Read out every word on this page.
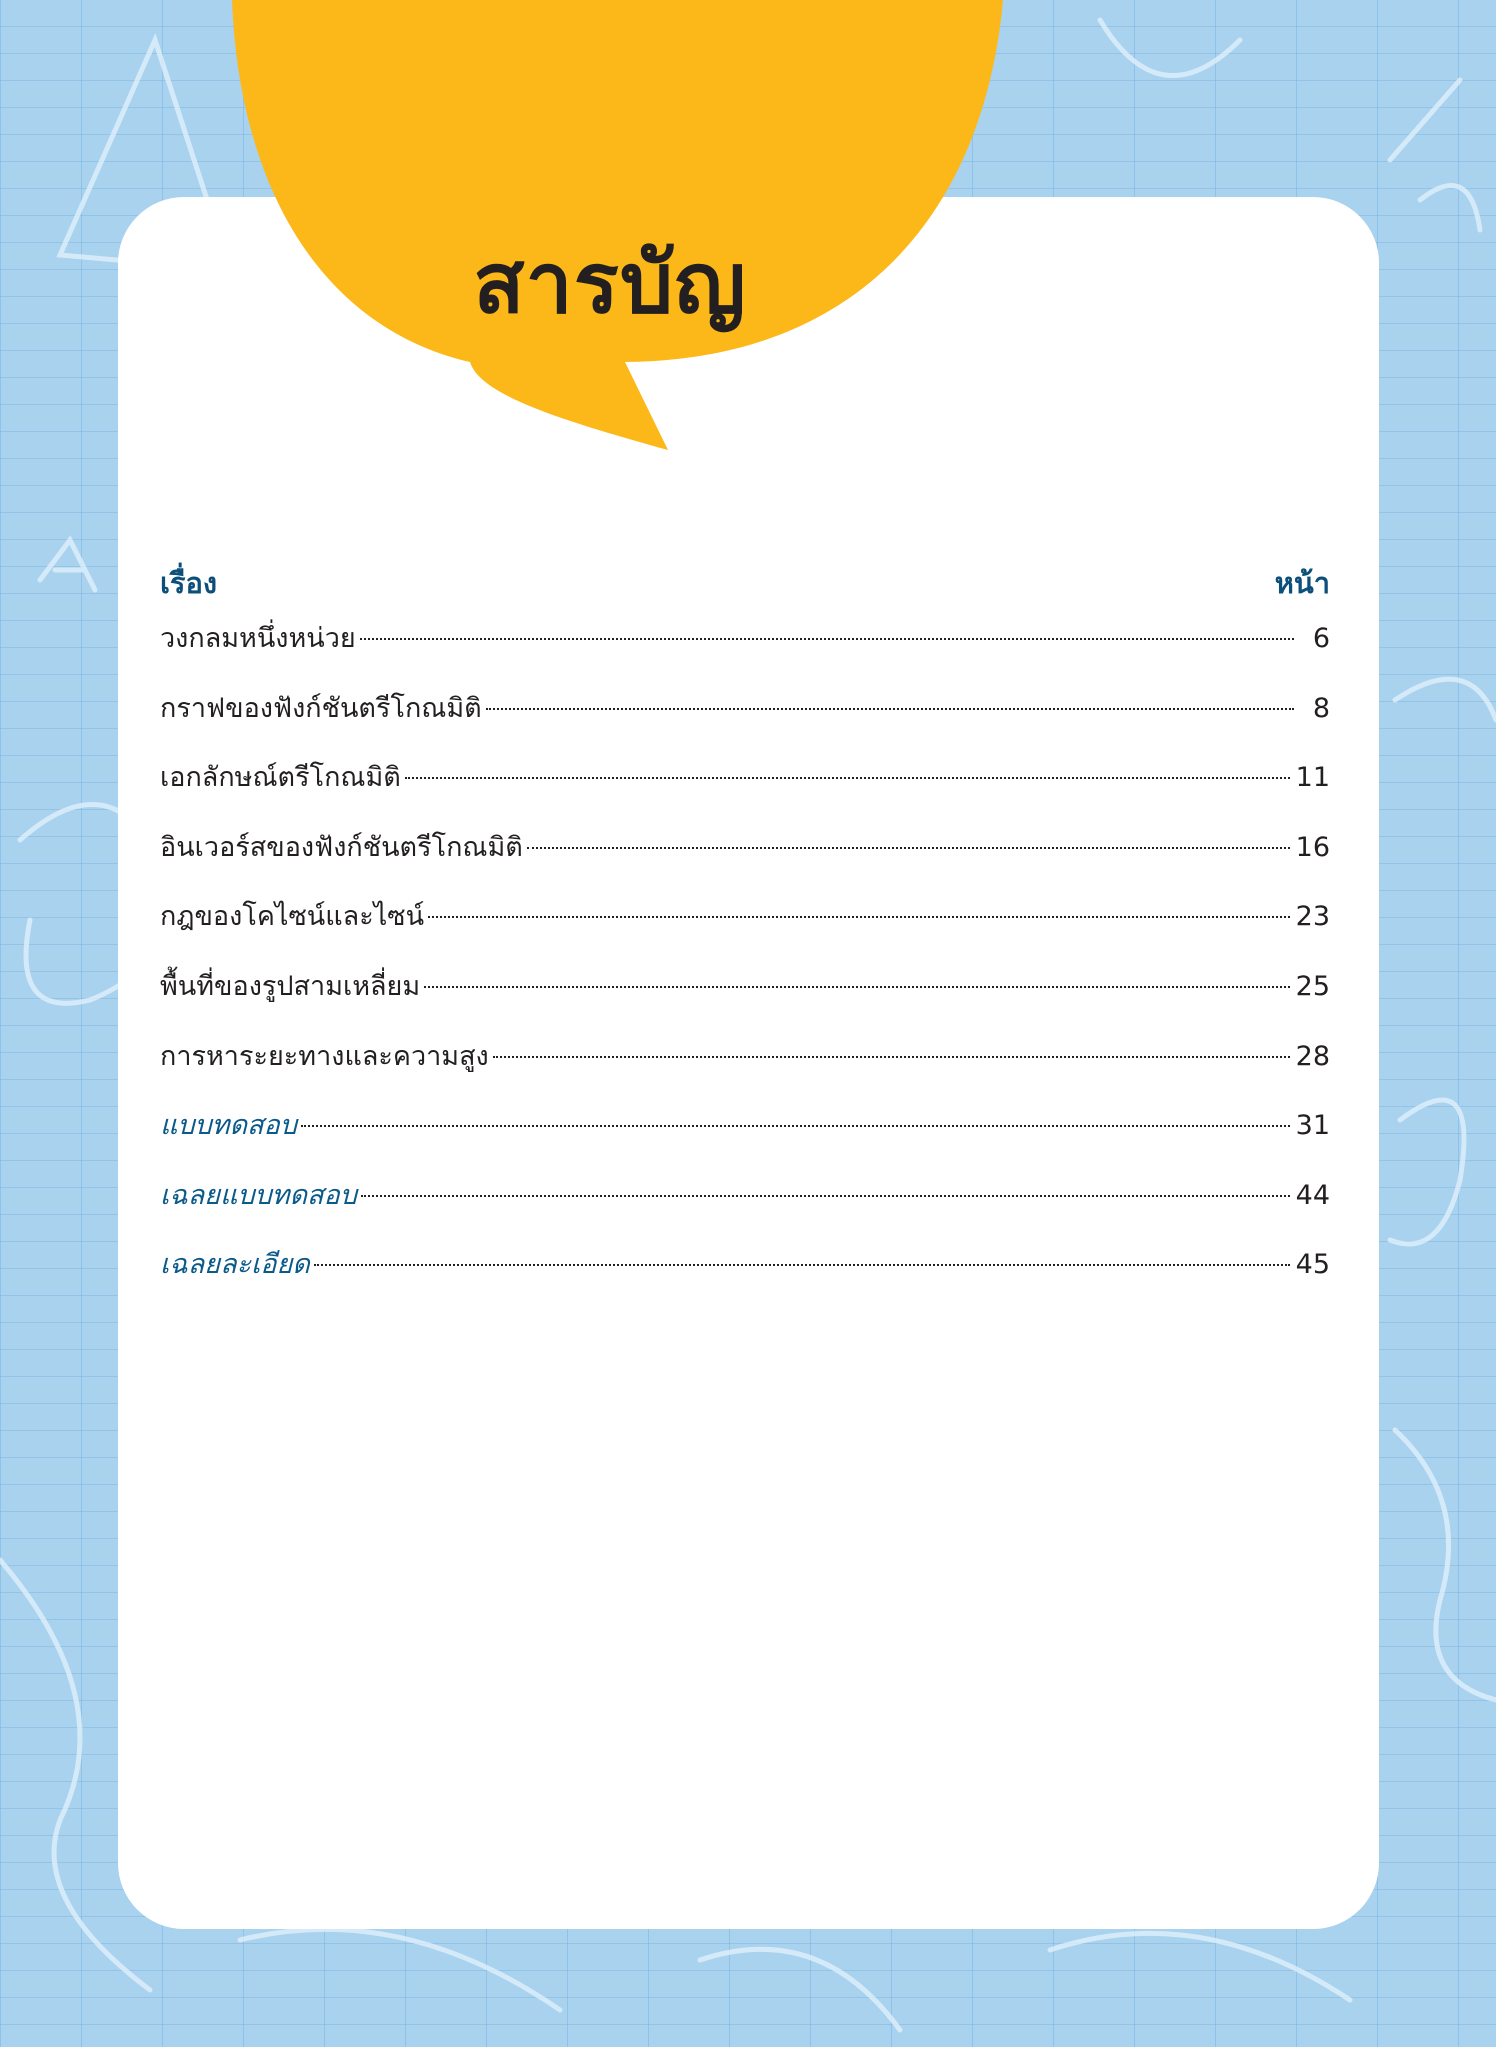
สารบัญ
เรื่อง	หน้า
วงกลมหนึ่งหน่วย	6
กราฟของฟังก์ชันตรีโกณมิติ	8
เอกลักษณ์ตรีโกณมิติ	11
อินเวอร์สของฟังก์ชันตรีโกณมิติ	16
กฎของโคไซน์และไซน์	23
พื้นที่ของรูปสามเหลี่ยม	25
การหาระยะทางและความสูง	28
แบบทดสอบ	31
เฉลยแบบทดสอบ	44
เฉลยละเอียด	45
